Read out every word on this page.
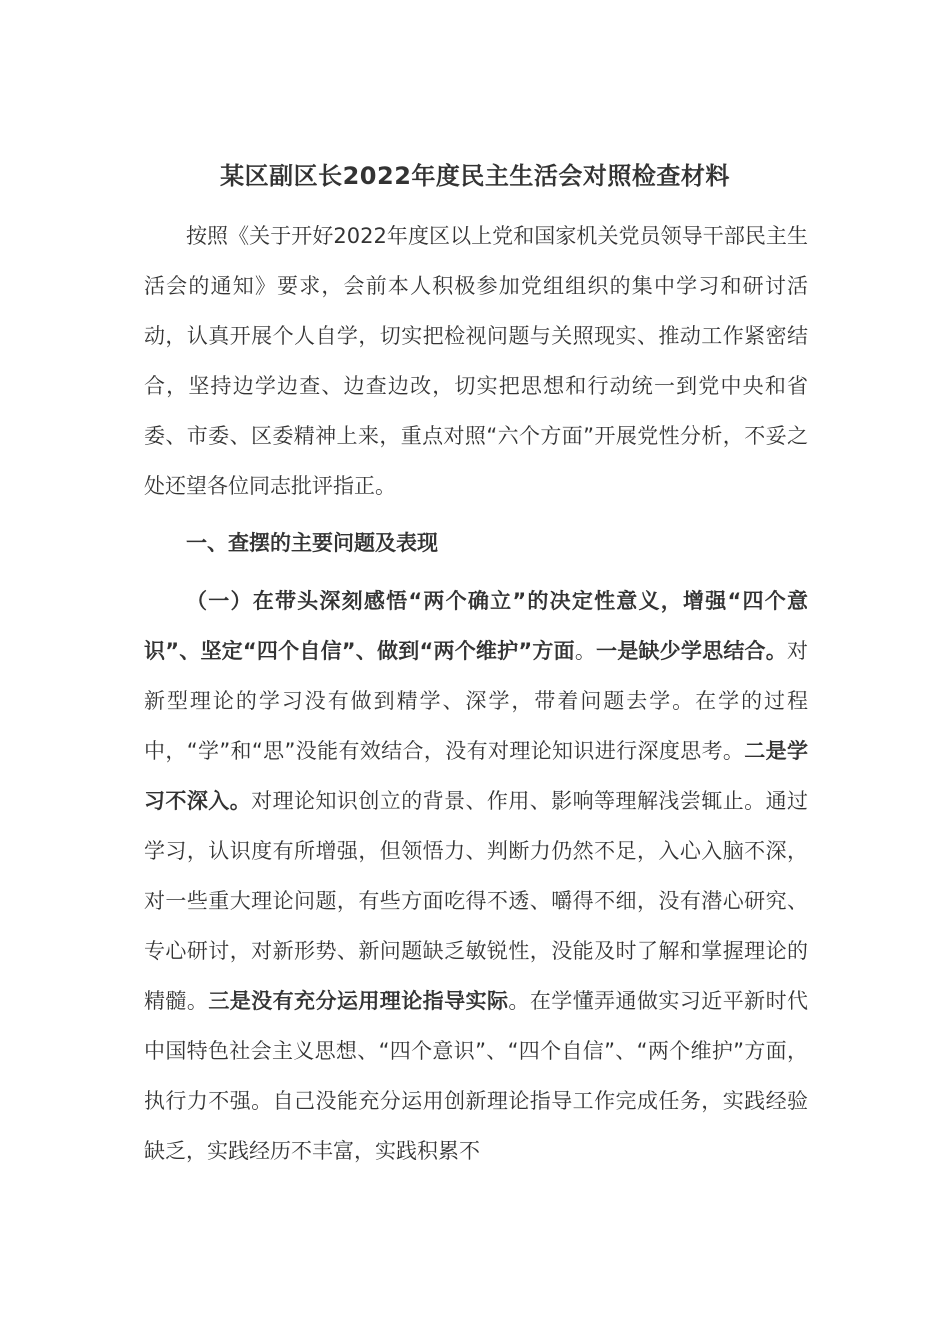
某区副区长2022年度民主生活会对照检查材料

按照《关于开好2022年度区以上党和国家机关党员领导干部民主生活会的通知》要求，会前本人积极参加党组组织的集中学习和研讨活动，认真开展个人自学，切实把检视问题与关照现实、推动工作紧密结合，坚持边学边查、边查边改，切实把思想和行动统一到党中央和省委、市委、区委精神上来，重点对照“六个方面”开展党性分析，不妥之处还望各位同志批评指正。

一、查摆的主要问题及表现

（一）在带头深刻感悟“两个确立”的决定性意义，增强“四个意识”、坚定“四个自信”、做到“两个维护”方面。一是缺少学思结合。对新型理论的学习没有做到精学、深学，带着问题去学。在学的过程中，“学”和“思”没能有效结合，没有对理论知识进行深度思考。二是学习不深入。对理论知识创立的背景、作用、影响等理解浅尝辄止。通过学习，认识度有所增强，但领悟力、判断力仍然不足，入心入脑不深，对一些重大理论问题，有些方面吃得不透、嚼得不细，没有潜心研究、专心研讨，对新形势、新问题缺乏敏锐性，没能及时了解和掌握理论的精髓。三是没有充分运用理论指导实际。在学懂弄通做实习近平新时代中国特色社会主义思想、“四个意识”、“四个自信”、“两个维护”方面，执行力不强。自己没能充分运用创新理论指导工作完成任务，实践经验缺乏，实践经历不丰富，实践积累不
